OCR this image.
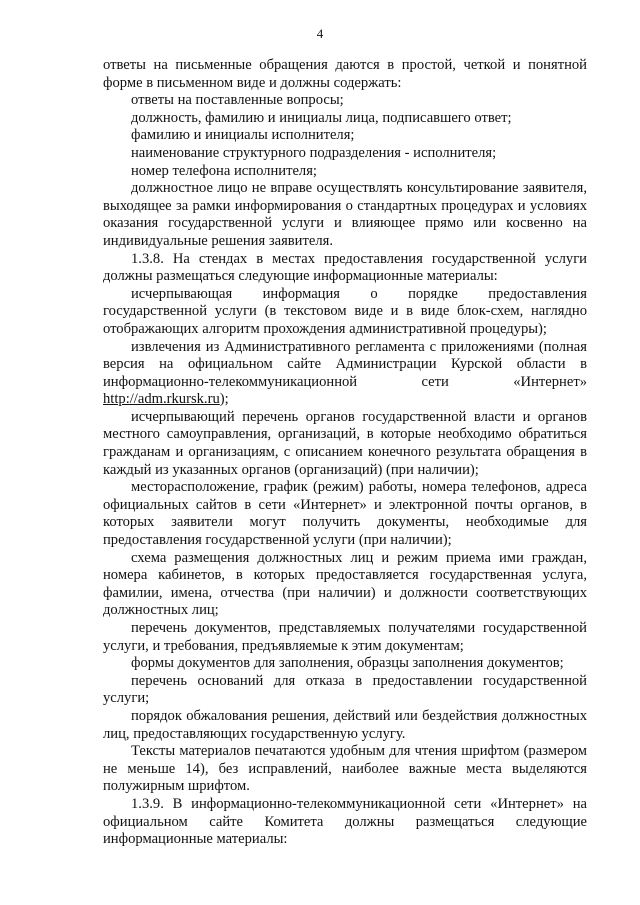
4

ответы на письменные обращения даются в простой, четкой и понятной форме в письменном виде и должны содержать:

ответы на поставленные вопросы;

должность, фамилию и инициалы лица, подписавшего ответ;

фамилию и инициалы исполнителя;

наименование структурного подразделения - исполнителя;

номер телефона исполнителя;

должностное лицо не вправе осуществлять консультирование заявителя, выходящее за рамки информирования о стандартных процедурах и условиях оказания государственной услуги и влияющее прямо или косвенно на индивидуальные решения заявителя.

1.3.8. На стендах в местах предоставления государственной услуги должны размещаться следующие информационные материалы:

исчерпывающая информация о порядке предоставления государственной услуги (в текстовом виде и в виде блок-схем, наглядно отображающих алгоритм прохождения административной процедуры);

извлечения из Административного регламента с приложениями (полная версия на официальном сайте Администрации Курской области в информационно-телекоммуникационной сети «Интернет»

http://adm.rkursk.ru);

исчерпывающий перечень органов государственной власти и органов местного самоуправления, организаций, в которые необходимо обратиться гражданам и организациям, с описанием конечного результата обращения в каждый из указанных органов (организаций) (при наличии);

месторасположение, график (режим) работы, номера телефонов, адреса официальных сайтов в сети «Интернет» и электронной почты органов, в которых заявители могут получить документы, необходимые для предоставления государственной услуги (при наличии);

схема размещения должностных лиц и режим приема ими граждан, номера кабинетов, в которых предоставляется государственная услуга, фамилии, имена, отчества (при наличии) и должности соответствующих должностных лиц;

перечень документов, представляемых получателями государственной услуги, и требования, предъявляемые к этим документам;

формы документов для заполнения, образцы заполнения документов;

перечень оснований для отказа в предоставлении государственной услуги;

порядок обжалования решения, действий или бездействия должностных лиц, предоставляющих государственную услугу.

Тексты материалов печатаются удобным для чтения шрифтом (размером не меньше 14), без исправлений, наиболее важные места выделяются полужирным шрифтом.

1.3.9. В информационно-телекоммуникационной сети «Интернет» на официальном сайте Комитета должны размещаться следующие информационные материалы:
